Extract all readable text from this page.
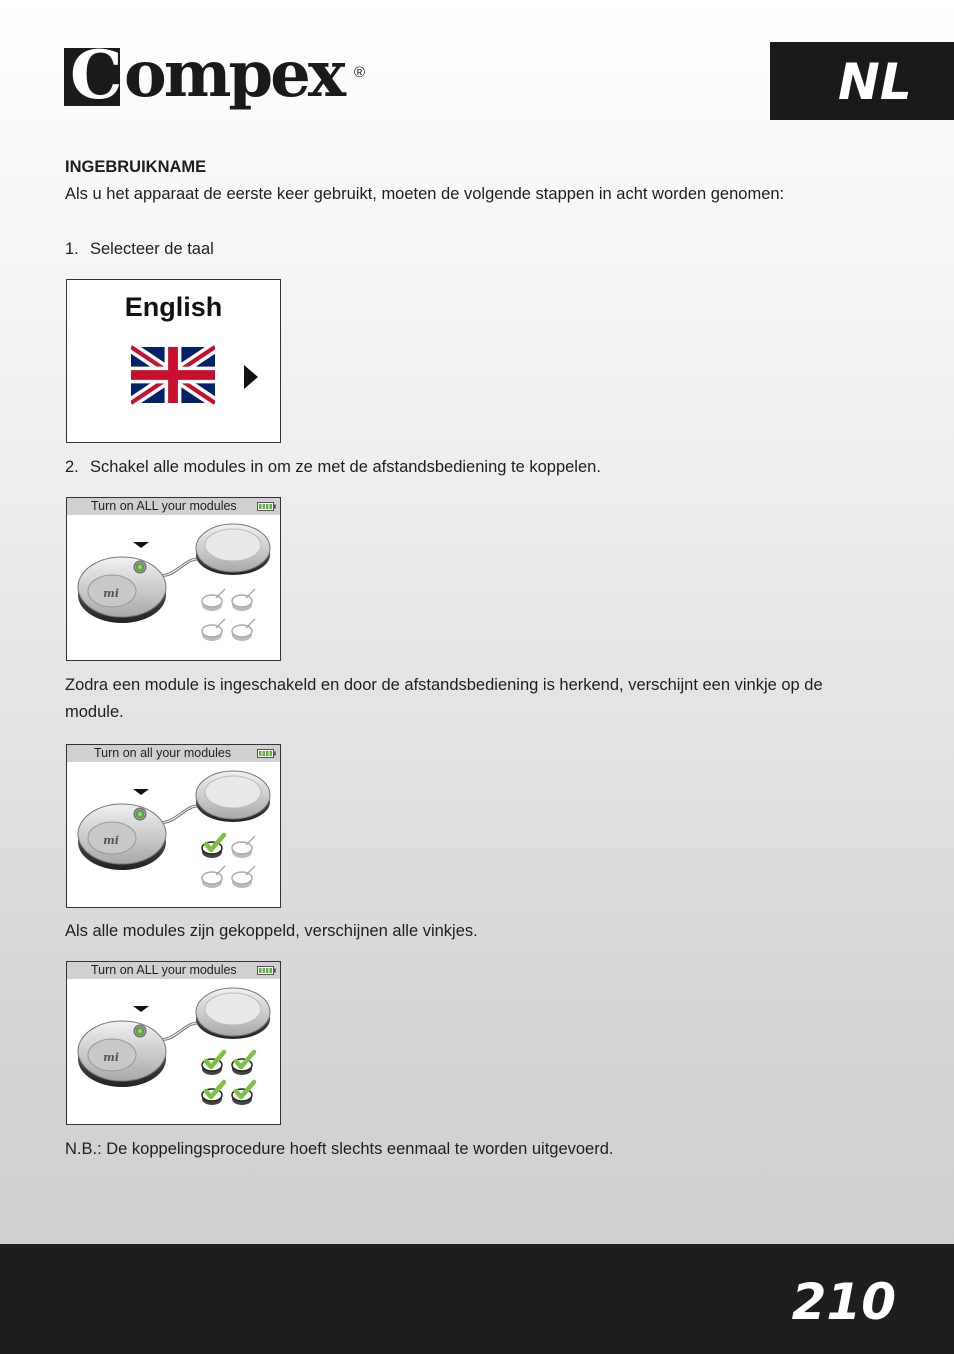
C ompex ®	NL
INGEBRUIKNAME
Als u het apparaat de eerste keer gebruikt, moeten de volgende stappen in acht worden genomen:
1. Selecteer de taal
English
2. Schakel alle modules in om ze met de afstandsbediening te koppelen.
Turn on ALL your modules
mi
Zodra een module is ingeschakeld en door de afstandsbediening is herkend, verschijnt een vinkje op de module.
Turn on all your modules
mi
Als alle modules zijn gekoppeld, verschijnen alle vinkjes.
Turn on ALL your modules
mi
N.B.: De koppelingsprocedure hoeft slechts eenmaal te worden uitgevoerd.
210
